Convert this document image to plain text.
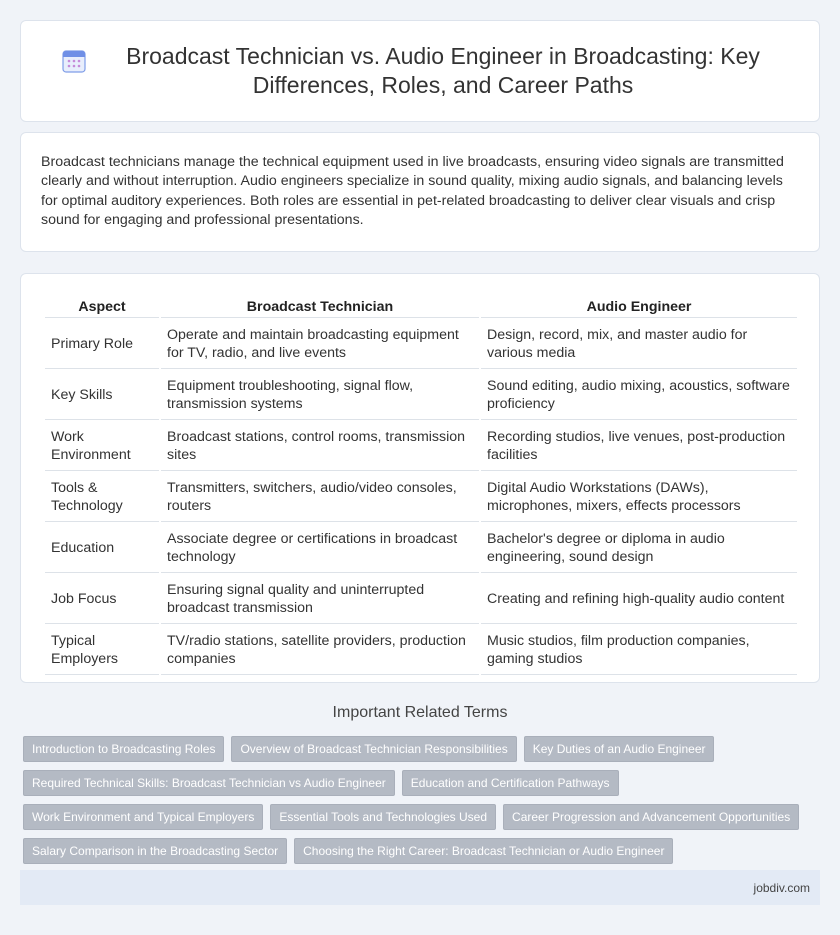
Broadcast Technician vs. Audio Engineer in Broadcasting: Key Differences, Roles, and Career Paths

Broadcast technicians manage the technical equipment used in live broadcasts, ensuring video signals are transmitted clearly and without interruption. Audio engineers specialize in sound quality, mixing audio signals, and balancing levels for optimal auditory experiences. Both roles are essential in pet-related broadcasting to deliver clear visuals and crisp sound for engaging and professional presentations.

Aspect	Broadcast Technician	Audio Engineer
Primary Role	Operate and maintain broadcasting equipment for TV, radio, and live events	Design, record, mix, and master audio for various media
Key Skills	Equipment troubleshooting, signal flow, transmission systems	Sound editing, audio mixing, acoustics, software proficiency
Work Environment	Broadcast stations, control rooms, transmission sites	Recording studios, live venues, post-production facilities
Tools & Technology	Transmitters, switchers, audio/video consoles, routers	Digital Audio Workstations (DAWs), microphones, mixers, effects processors
Education	Associate degree or certifications in broadcast technology	Bachelor's degree or diploma in audio engineering, sound design
Job Focus	Ensuring signal quality and uninterrupted broadcast transmission	Creating and refining high-quality audio content
Typical Employers	TV/radio stations, satellite providers, production companies	Music studios, film production companies, gaming studios
Important Related Terms
Introduction to Broadcasting Roles	Overview of Broadcast Technician Responsibilities	Key Duties of an Audio Engineer
Required Technical Skills: Broadcast Technician vs Audio Engineer	Education and Certification Pathways
Work Environment and Typical Employers	Essential Tools and Technologies Used	Career Progression and Advancement Opportunities
Salary Comparison in the Broadcasting Sector	Choosing the Right Career: Broadcast Technician or Audio Engineer
jobdiv.com
